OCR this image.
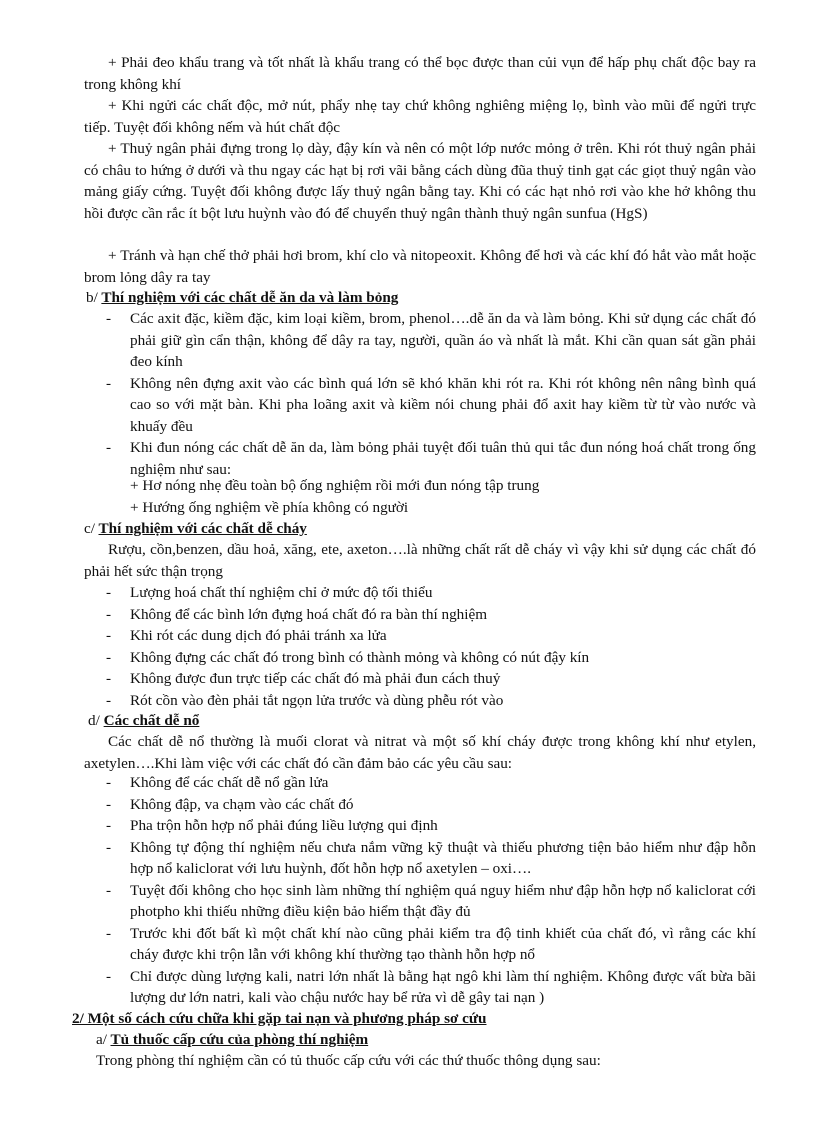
+ Phải đeo khẩu trang và tốt nhất là khẩu trang có thể bọc được than củi vụn để hấp phụ chất độc bay ra trong không khí

+ Khi ngửi các chất độc, mở nút, phẩy nhẹ tay chứ không nghiêng miệng lọ, bình vào mũi để ngửi trực tiếp. Tuyệt đối không nếm và hút chất độc

+ Thuỷ ngân phải đựng trong lọ dày, đậy kín và nên có một lớp nước mỏng ở trên. Khi rót thuỷ ngân phải có châu to hứng ở dưới và thu ngay các hạt bị rơi vãi bằng cách dùng đũa thuỷ tinh gạt các giọt thuỷ ngân vào mảng giấy cứng. Tuyệt đối không được lấy thuỷ ngân bằng tay. Khi có các hạt nhỏ rơi vào khe hở không thu hồi được cần rắc ít bột lưu huỳnh vào đó để chuyển thuỷ ngân thành thuỷ ngân sunfua (HgS)

+ Tránh và hạn chế thở phải hơi brom, khí clo và nitopeoxit. Không để hơi và các khí đó hắt vào mắt hoặc brom lỏng dây ra tay

b/ Thí nghiệm với các chất dễ ăn da và làm bỏng
- Các axit đặc, kiềm đặc, kim loại kiềm, brom, phenol….dễ ăn da và làm bỏng. Khi sử dụng các chất đó phải giữ gìn cẩn thận, không để dây ra tay, người, quần áo và nhất là mắt. Khi cần quan sát gần phải đeo kính
- Không nên đựng axit vào các bình quá lớn sẽ khó khăn khi rót ra. Khi rót không nên nâng bình quá cao so với mặt bàn. Khi pha loãng axit và kiềm nói chung phải đổ axit hay kiềm từ từ vào nước và khuấy đều
- Khi đun nóng các chất dễ ăn da, làm bỏng phải tuyệt đối tuân thủ qui tắc đun nóng hoá chất trong ống nghiệm như sau:

+ Hơ nóng nhẹ đều toàn bộ ống nghiệm rồi mới đun nóng tập trung

+ Hướng ống nghiệm về phía không có người

c/ Thí nghiệm với các chất dễ cháy

Rượu, cồn,benzen, dầu hoả, xăng, ete, axeton….là những chất rất dễ cháy vì vậy khi sử dụng các chất đó phải hết sức thận trọng

- Lượng hoá chất thí nghiệm chỉ ở mức độ tối thiểu
- Không để các bình lớn đựng hoá chất đó ra bàn thí nghiệm
- Khi rót các dung dịch đó phải tránh xa lửa
- Không đựng các chất đó trong bình có thành mỏng và không có nút đậy kín
- Không được đun trực tiếp các chất đó mà phải đun cách thuỷ
- Rót cồn vào đèn phải tắt ngọn lửa trước và dùng phễu rót vào
d/ Các chất dễ nổ

Các chất dễ nổ thường là muối clorat và nitrat và một số khí cháy được trong không khí như etylen, axetylen….Khi làm việc với các chất đó cần đảm bảo các yêu cầu sau:

- Không để các chất dễ nổ gần lửa
- Không đập, va chạm vào các chất đó
- Pha trộn hỗn hợp nổ phải đúng liều lượng qui định
- Không tự động thí nghiệm nếu chưa nắm vững kỹ thuật và thiếu phương tiện bảo hiểm như đập hỗn hợp nổ kaliclorat với lưu huỳnh, đốt hỗn hợp nổ axetylen – oxi….
- Tuyệt đối không cho học sinh làm những thí nghiệm quá nguy hiểm như đập hỗn hợp nổ kaliclorat cới photpho khi thiếu những điều kiện bảo hiểm thật đầy đủ
- Trước khi đốt bất kì một chất khí nào cũng phải kiểm tra độ tinh khiết của chất đó, vì rằng các khí cháy được khi trộn lẫn với không khí thường tạo thành hỗn hợp nổ
- Chỉ được dùng lượng kali, natri lớn nhất là bằng hạt ngô khi làm thí nghiệm. Không được vất bừa bãi lượng dư lớn natri, kali vào chậu nước hay bể rửa vì dễ gây tai nạn )
2/ Một số cách cứu chữa khi gặp tai nạn và phương pháp sơ cứu
a/ Tủ thuốc cấp cứu của phòng thí nghiệm

Trong phòng thí nghiệm cần có tủ thuốc cấp cứu với các thứ thuốc thông dụng sau:
